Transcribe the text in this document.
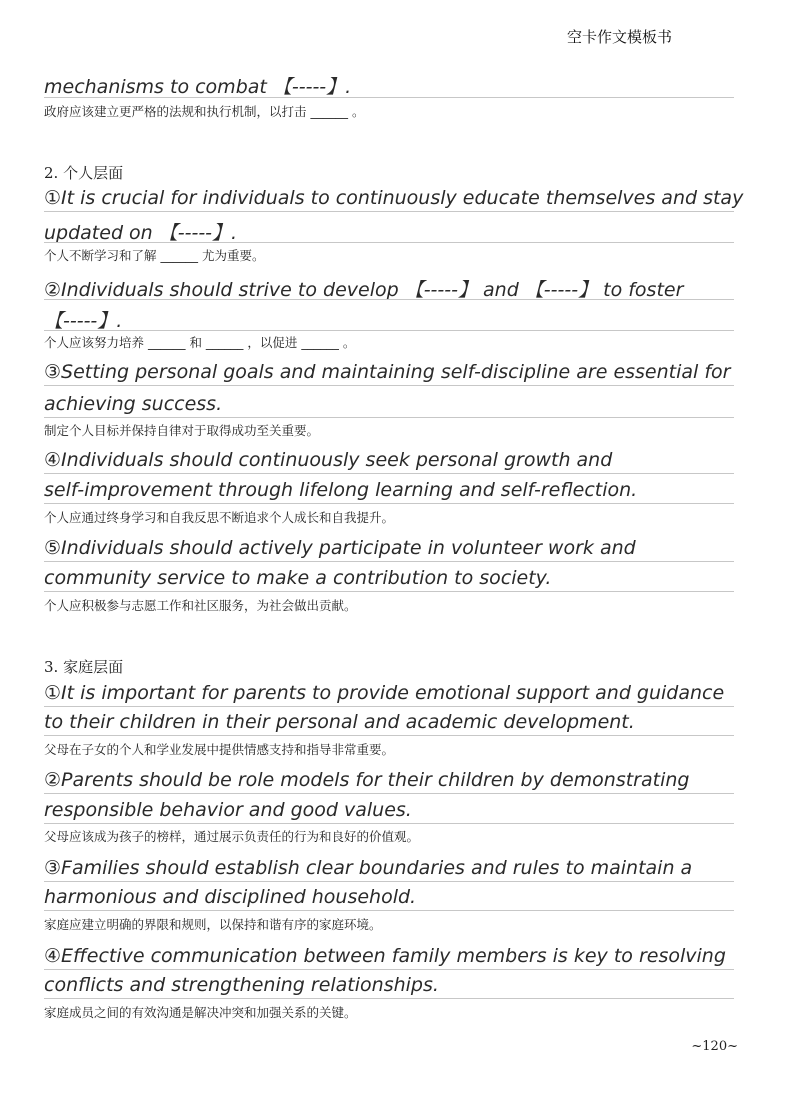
空卡作文模板书
mechanisms to combat 【-----】.
政府应该建立更严格的法规和执行机制，以打击 ______ 。
2. 个人层面
①It is crucial for individuals to continuously educate themselves and stay
updated on 【-----】.
个人不断学习和了解 ______ 尤为重要。
②Individuals should strive to develop 【-----】 and 【-----】 to foster
【-----】.
个人应该努力培养 ______ 和 ______ ，以促进 ______ 。
③Setting personal goals and maintaining self-discipline are essential for
achieving success.
制定个人目标并保持自律对于取得成功至关重要。
④Individuals should continuously seek personal growth and
self-improvement through lifelong learning and self-reflection.
个人应通过终身学习和自我反思不断追求个人成长和自我提升。
⑤Individuals should actively participate in volunteer work and
community service to make a contribution to society.
个人应积极参与志愿工作和社区服务，为社会做出贡献。
3. 家庭层面
①It is important for parents to provide emotional support and guidance
to their children in their personal and academic development.
父母在子女的个人和学业发展中提供情感支持和指导非常重要。
②Parents should be role models for their children by demonstrating
responsible behavior and good values.
父母应该成为孩子的榜样，通过展示负责任的行为和良好的价值观。
③Families should establish clear boundaries and rules to maintain a
harmonious and disciplined household.
家庭应建立明确的界限和规则，以保持和谐有序的家庭环境。
④Effective communication between family members is key to resolving
conflicts and strengthening relationships.
家庭成员之间的有效沟通是解决冲突和加强关系的关键。
~120~
